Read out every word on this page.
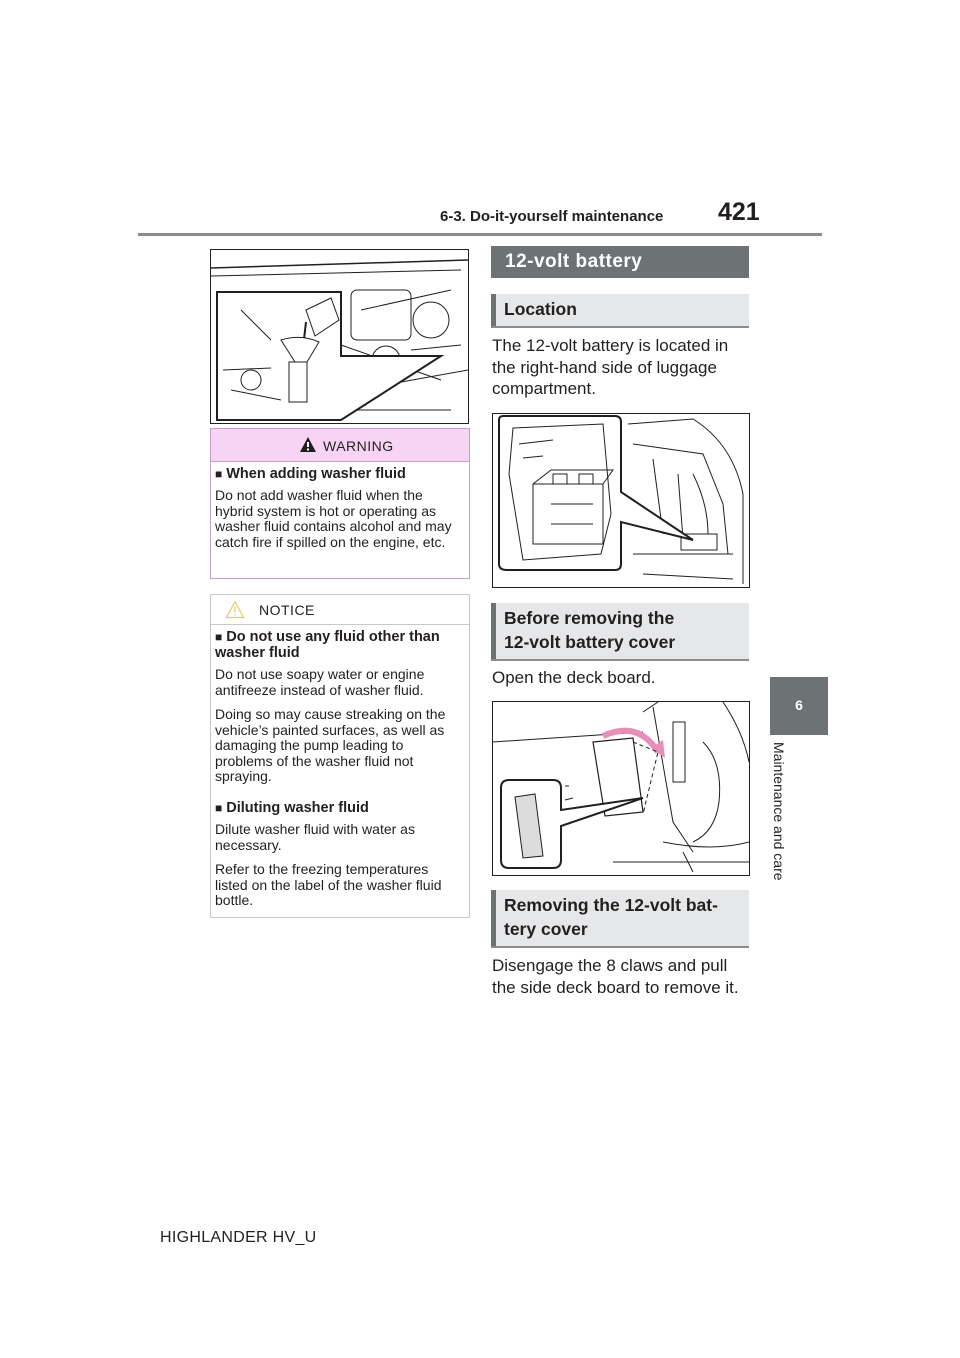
6-3. Do-it-yourself maintenance 421
6
Maintenance and care
WARNING
■ When adding washer fluid
Do not add washer fluid when the hybrid system is hot or operating as washer fluid contains alcohol and may catch fire if spilled on the engine, etc.
NOTICE
■ Do not use any fluid other than washer fluid
Do not use soapy water or engine antifreeze instead of washer fluid.
Doing so may cause streaking on the vehicle’s painted surfaces, as well as damaging the pump leading to problems of the washer fluid not spraying.
■ Diluting washer fluid
Dilute washer fluid with water as necessary.
Refer to the freezing temperatures listed on the label of the washer fluid bottle.
12-volt battery
Location
The 12-volt battery is located in the right-hand side of luggage compartment.
Before removing the
12-volt battery cover
Open the deck board.
Removing the 12-volt bat-
tery cover
Disengage the 8 claws and pull the side deck board to remove it.
HIGHLANDER HV_U
